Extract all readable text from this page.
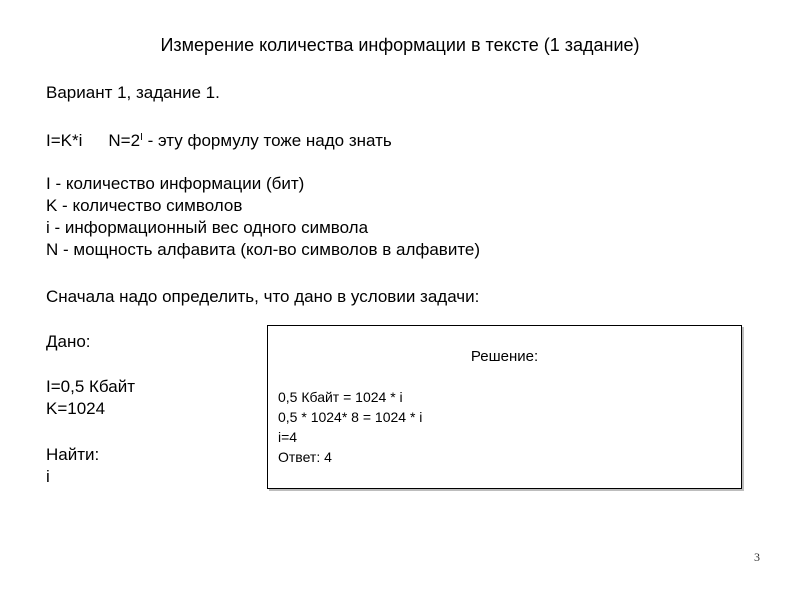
Измерение количества информации в тексте (1 задание)
Вариант 1, задание 1.
I=K*i $N=2^I$ - эту формулу тоже надо знать
I - количество информации (бит)
K - количество символов
i - информационный вес одного символа
N - мощность алфавита (кол-во символов в алфавите)
Сначала надо определить, что дано в условии задачи:
Дано:
I=0,5 Кбайт
K=1024
Найти:
i
Решение:
0,5 Кбайт = 1024 * i
0,5 * 1024* 8 = 1024 * i
i=4
Ответ: 4
3
